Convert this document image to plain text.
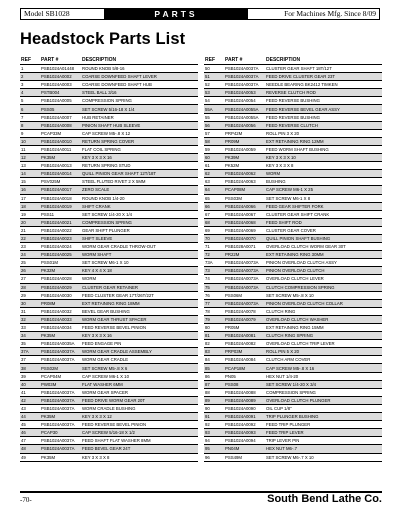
Model SB1028	PARTS	For Machines Mfg. Since 8/09
Headstock Parts List
REF	PART #	DESCRIPTION
1	PSB1024A01448	ROUND KNOB 5/8-16
2	PSB1024A0002	COARSE DOWNFEED SHAFT LEVER
3	PSB1024A0003	COARSE DOWNFEED SHAFT HUB
4	PSTB004	STEEL BALL 3/16
5	PSB1024A0005	COMPRESSION SPRING
6	PSS05	SET SCREW 5/16-18 X 1/4
7	PSB1024A0007	HUB RETAINER
8	PSB1024A0008	PINION SHAFT HUB SLEEVE
9	PCAP33M	CAP SCREW M5-.8 X 12
10	PSB1024A0010	RETURN SPRING COVER
11	PSB1024A0011	FLAT COIL SPRING
12	PK35M	KEY 3 X 3 X 16
13	PSB1024A0013	RETURN SPRING STUD
14	PSB1024A0014	QUILL PINION GEAR SHAFT 12T/18T
15	PSV025M	STEEL FLUTED RIVET 2 X 5MM
16	PSB1024A0017	ZERO SCALE
17	PSB1024A0018	ROUND KNOB 1/4-20
18	PSB1024A0019	SHIFT CRANK
19	PSS11	SET SCREW 1/4-20 X 1/4
20	PSB1024A0021	COMPRESSION SPRING
21	PSB1024A0022	GEAR SHIFT PLUNGER
22	PSB1024A0023	SHIFT SLEEVE
23	PSB1024A0024	WORM GEAR CRADLE THROW-OUT
24	PSB1024A0025	WORM SHAFT
25	PSS01M	SET SCREW M6-1 X 10
26	PK32M	KEY 4 X 4 X 18
27	PSB1024A0028	WORM
28	PSB1024A0029	CLUSTER GEAR RETAINER
29	PSB1024A0030	FEED CLUSTER GEAR 17T/26T/22T
30	PR08M	EXT RETAINING RING 18MM
31	PSB1024A0032	BEVEL GEAR BUSHING
32	PSB1024A0033	WORM GEAR THRUST SPACER
33	PSB1024A0034	FEED REVERSE BEVEL PINION
34	PK35M	KEY 3 X 3 X 16
35	PSB1024A0035A	FEED ENGAGE PIN
37A	PSB1024A0037A	WORM GEAR CRADLE ASSEMBLY
37	PSB1024A0037A	WORM GEAR CRADLE
38	PSS02M	SET SCREW M5-.8 X 6
39	PCAP04M	CAP SCREW M6-1 X 10
40	PW03M	FLAT WASHER 6MM
41	PSB1024A0037A	WORM GEAR SPACER
42	PSB1024A0037A	FEED DRIVE WORM GEAR 20T
43	PSB1024A0037A	WORM CRADLE BUSHING
44	PK35M	KEY 3 X 3 X 12
45	PSB1024A0037A	FEED REVERSE BEVEL PINION
46	PCAP30	CAP SCREW 5/16-18 X 1/2
47	PSB1024A0037A	FEED SHAFT FLAT WASHER 8MM
48	PSB1024A0037A	FEED BEVEL GEAR 24T
49	PK35M	KEY 3 X 3 X 8
REF	PART #	DESCRIPTION
50	PSB1024A0037A	CLUSTER GEAR SHAFT 18T/12T
51	PSB1024A0037A	FEED DRIVE CLUSTER GEAR 23T
52	PSB1024A0037A	NEEDLE BEARING BK2412 TIMKEN
53	PSB1024A0053	REVERSE CLUTCH ROD
54	PSB1024A0054	FEED REVERSE BUSHING
55A	PSB1024A0055A	FEED REVERSE BEVEL GEAR ASSY
55	PSB1024A0055A	FEED REVERSE BUSHING
56	PSB1024A0056	FEED REVERSE CLUTCH
57	PRP42M	ROLL PIN 3 X 20
58	PR09M	EXT RETAINING RING 12MM
59	PSB1024A0059	FEED WORM SHAFT BUSHING
60	PK39M	KEY 3 X 3 X 10
61	PK52M	KEY 3 X 3 X 8
62	PSB1024A0062	WORM
63	PSB1024A0063	BUSHING
64	PCAP08M	CAP SCREW M6-1 X 25
65	PSS03M	SET SCREW M6-1 X 8
66	PSB1024A0066	FEED GEAR SHIFTER FORK
67	PSB1024A0067	CLUSTER GEAR SHIFT CRANK
68	PSB1024A0068	FEED SHIFT ROD
69	PSB1024A0069	CLUSTER GEAR COVER
70	PSB1024A0070	QUILL PINION SHAFT BUSHING
71	PSB1028A0071	OVERLOAD CLUTCH WORM GEAR 30T
72	PR22M	EXT RETAINING RING 30MM
73A	PSB1024A0073A	PINION OVERLOAD CLUTCH ASSY
73	PSB1024A0073A	PINION OVERLOAD CLUTCH
74	PSB1024A0073A	OVERLOAD CLUTCH LEVER
75	PSB1024A0073A	CLUTCH COMPRESSION SPRING
76	PSS06M	SET SCREW M5-.8 X 10
77	PSB1024A0073A	PINION OVERLOAD CLUTCH COLLAR
78	PSB1024A0078	CLUTCH RING
79	PSB1024A0079	OVERLOAD CLUTCH WASHER
80	PR05M	EXT RETAINING RING 15MM
81	PSB1024A0081	CLUTCH RING SPRING
82	PSB1024A0082	OVERLOAD CLUTCH TRIP LEVER
83	PRP03M	ROLL PIN 5 X 20
84	PSB1024A0084	CLUTCH ARM COVER
85	PCAP18M	CAP SCREW M5-.8 X 16
86	PN05	HEX NUT 1/4-20
87	PSS08	SET SCREW 1/4-20 X 3/4
88	PSB1024A0088	COMPRESSION SPRING
89	PSB1024A0089	OVERLOAD CLUTCH PLUNGER
90	PSB1024A0090	OIL CUP 1/8"
91	PSB1024A0091	TRIP PLUNGER BUSHING
92	PSB1024A0092	FEED TRIP PLUNGER
93	PSB1024A0093	FEED TRIP LEVER
94	PSB1024A0094	TRIP LEVER PIN
95	PN04M	HEX NUT M6-.7
96	PSS49M	SET SCREW M6-.7 X 10
-70-	South Bend Lathe Co.
